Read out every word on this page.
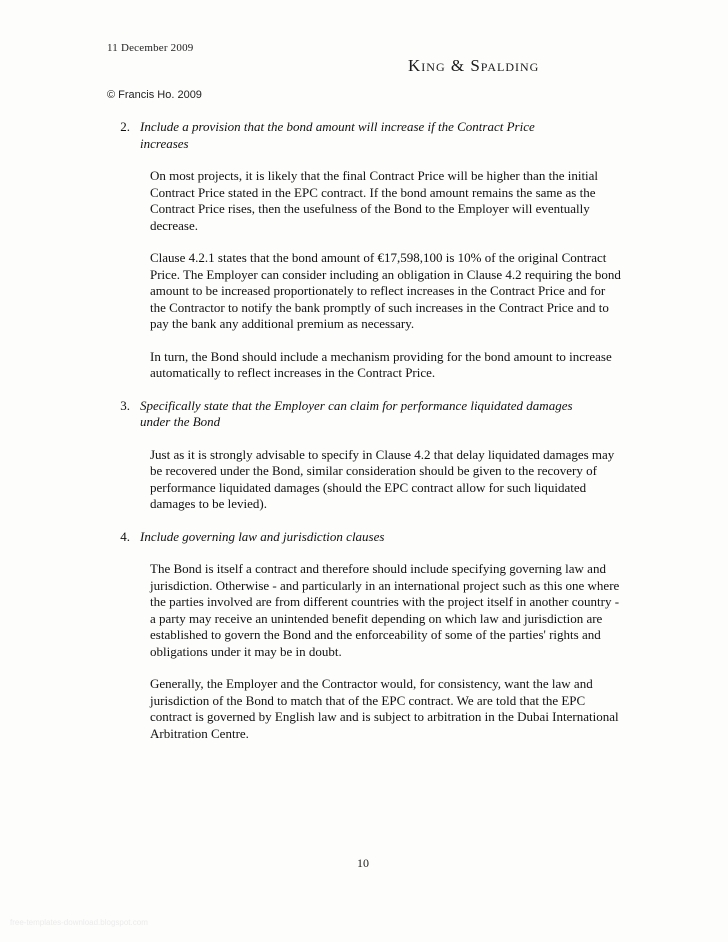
11 December 2009
King & Spalding
© Francis Ho. 2009
2. Include a provision that the bond amount will increase if the Contract Price increases

On most projects, it is likely that the final Contract Price will be higher than the initial Contract Price stated in the EPC contract. If the bond amount remains the same as the Contract Price rises, then the usefulness of the Bond to the Employer will eventually decrease.

Clause 4.2.1 states that the bond amount of €17,598,100 is 10% of the original Contract Price. The Employer can consider including an obligation in Clause 4.2 requiring the bond amount to be increased proportionately to reflect increases in the Contract Price and for the Contractor to notify the bank promptly of such increases in the Contract Price and to pay the bank any additional premium as necessary.

In turn, the Bond should include a mechanism providing for the bond amount to increase automatically to reflect increases in the Contract Price.

3. Specifically state that the Employer can claim for performance liquidated damages under the Bond

Just as it is strongly advisable to specify in Clause 4.2 that delay liquidated damages may be recovered under the Bond, similar consideration should be given to the recovery of performance liquidated damages (should the EPC contract allow for such liquidated damages to be levied).

4. Include governing law and jurisdiction clauses

The Bond is itself a contract and therefore should include specifying governing law and jurisdiction. Otherwise - and particularly in an international project such as this one where the parties involved are from different countries with the project itself in another country - a party may receive an unintended benefit depending on which law and jurisdiction are established to govern the Bond and the enforceability of some of the parties' rights and obligations under it may be in doubt.

Generally, the Employer and the Contractor would, for consistency, want the law and jurisdiction of the Bond to match that of the EPC contract. We are told that the EPC contract is governed by English law and is subject to arbitration in the Dubai International Arbitration Centre.

10
free-templates-download.blogspot.com
